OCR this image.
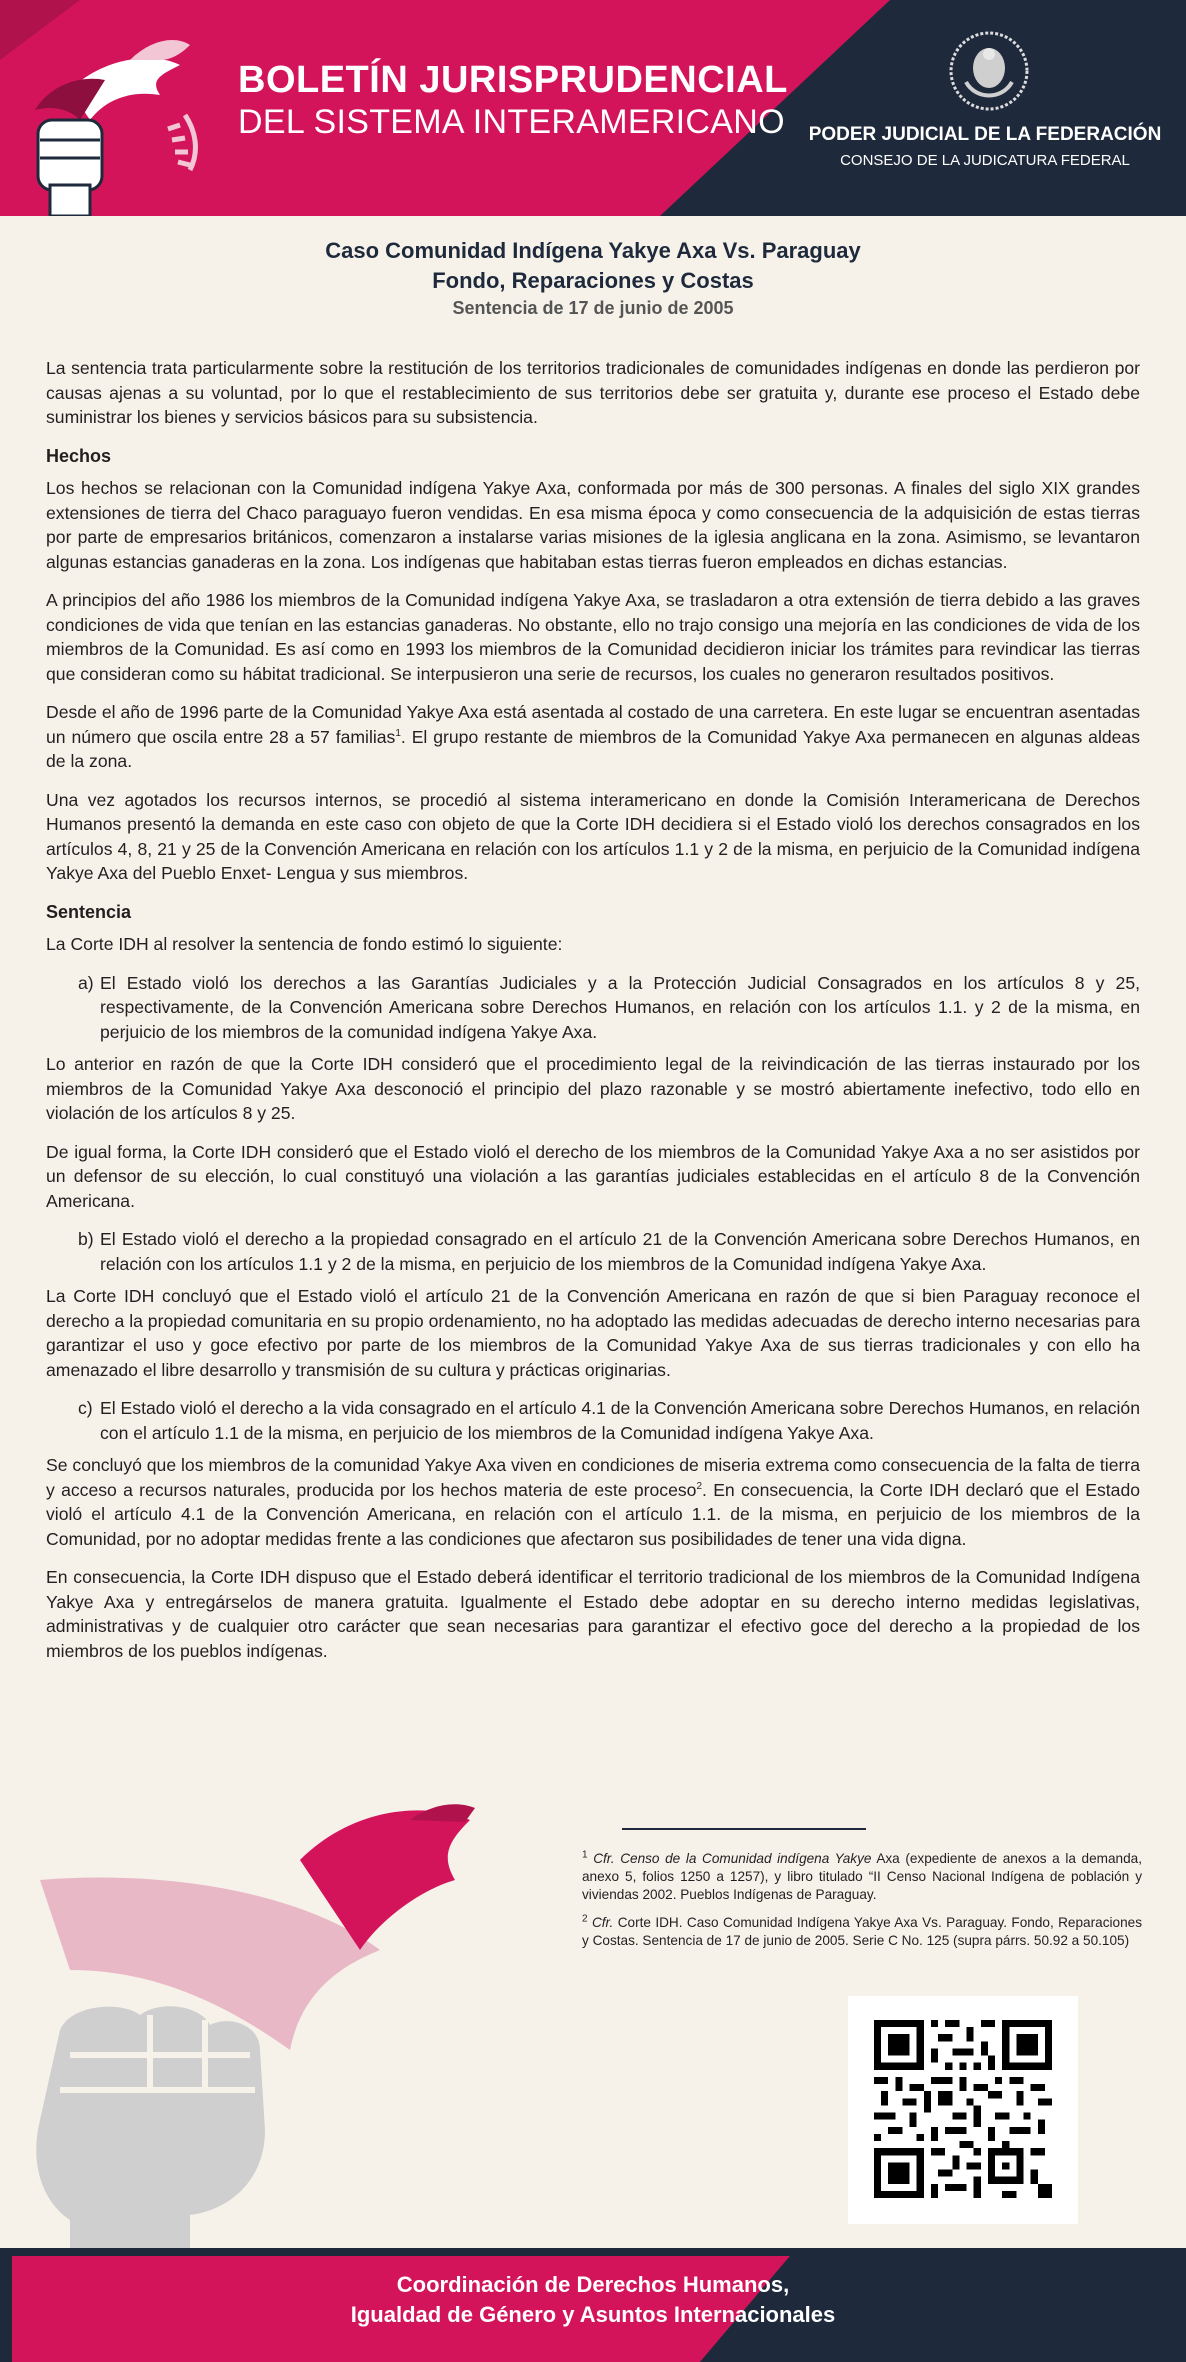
BOLETÍN JURISPRUDENCIAL
DEL SISTEMA INTERAMERICANO	PODER JUDICIAL DE LA FEDERACIÓN
CONSEJO DE LA JUDICATURA FEDERAL
Caso Comunidad Indígena Yakye Axa Vs. Paraguay
Fondo, Reparaciones y Costas
Sentencia de 17 de junio de 2005

La sentencia trata particularmente sobre la restitución de los territorios tradicionales de comunidades indígenas en donde las perdieron por causas ajenas a su voluntad, por lo que el restablecimiento de sus territorios debe ser gratuita y, durante ese proceso el Estado debe suministrar los bienes y servicios básicos para su subsistencia.

Hechos

Los hechos se relacionan con la Comunidad indígena Yakye Axa, conformada por más de 300 personas. A finales del siglo XIX grandes extensiones de tierra del Chaco paraguayo fueron vendidas. En esa misma época y como consecuencia de la adquisición de estas tierras por parte de empresarios británicos, comenzaron a instalarse varias misiones de la iglesia anglicana en la zona. Asimismo, se levantaron algunas estancias ganaderas en la zona. Los indígenas que habitaban estas tierras fueron empleados en dichas estancias.

A principios del año 1986 los miembros de la Comunidad indígena Yakye Axa, se trasladaron a otra extensión de tierra debido a las graves condiciones de vida que tenían en las estancias ganaderas. No obstante, ello no trajo consigo una mejoría en las condiciones de vida de los miembros de la Comunidad. Es así como en 1993 los miembros de la Comunidad decidieron iniciar los trámites para revindicar las tierras que consideran como su hábitat tradicional. Se interpusieron una serie de recursos, los cuales no generaron resultados positivos.

Desde el año de 1996 parte de la Comunidad Yakye Axa está asentada al costado de una carretera. En este lugar se encuentran asentadas un número que oscila entre 28 a 57 familias$^1$. El grupo restante de miembros de la Comunidad Yakye Axa permanecen en algunas aldeas de la zona.

Una vez agotados los recursos internos, se procedió al sistema interamericano en donde la Comisión Interamericana de Derechos Humanos presentó la demanda en este caso con objeto de que la Corte IDH decidiera si el Estado violó los derechos consagrados en los artículos 4, 8, 21 y 25 de la Convención Americana en relación con los artículos 1.1 y 2 de la misma, en perjuicio de la Comunidad indígena Yakye Axa del Pueblo Enxet- Lengua y sus miembros.

Sentencia

La Corte IDH al resolver la sentencia de fondo estimó lo siguiente:

a) El Estado violó los derechos a las Garantías Judiciales y a la Protección Judicial Consagrados en los artículos 8 y 25, respectivamente, de la Convención Americana sobre Derechos Humanos, en relación con los artículos 1.1. y 2 de la misma, en perjuicio de los miembros de la comunidad indígena Yakye Axa.

Lo anterior en razón de que la Corte IDH consideró que el procedimiento legal de la reivindicación de las tierras instaurado por los miembros de la Comunidad Yakye Axa desconoció el principio del plazo razonable y se mostró abiertamente inefectivo, todo ello en violación de los artículos 8 y 25.

De igual forma, la Corte IDH consideró que el Estado violó el derecho de los miembros de la Comunidad Yakye Axa a no ser asistidos por un defensor de su elección, lo cual constituyó una violación a las garantías judiciales establecidas en el artículo 8 de la Convención Americana.

b) El Estado violó el derecho a la propiedad consagrado en el artículo 21 de la Convención Americana sobre Derechos Humanos, en relación con los artículos 1.1 y 2 de la misma, en perjuicio de los miembros de la Comunidad indígena Yakye Axa.

La Corte IDH concluyó que el Estado violó el artículo 21 de la Convención Americana en razón de que si bien Paraguay reconoce el derecho a la propiedad comunitaria en su propio ordenamiento, no ha adoptado las medidas adecuadas de derecho interno necesarias para garantizar el uso y goce efectivo por parte de los miembros de la Comunidad Yakye Axa de sus tierras tradicionales y con ello ha amenazado el libre desarrollo y transmisión de su cultura y prácticas originarias.

c) El Estado violó el derecho a la vida consagrado en el artículo 4.1 de la Convención Americana sobre Derechos Humanos, en relación con el artículo 1.1 de la misma, en perjuicio de los miembros de la Comunidad indígena Yakye Axa.

Se concluyó que los miembros de la comunidad Yakye Axa viven en condiciones de miseria extrema como consecuencia de la falta de tierra y acceso a recursos naturales, producida por los hechos materia de este proceso$^2$. En consecuencia, la Corte IDH declaró que el Estado violó el artículo 4.1 de la Convención Americana, en relación con el artículo 1.1. de la misma, en perjuicio de los miembros de la Comunidad, por no adoptar medidas frente a las condiciones que afectaron sus posibilidades de tener una vida digna.

En consecuencia, la Corte IDH dispuso que el Estado deberá identificar el territorio tradicional de los miembros de la Comunidad Indígena Yakye Axa y entregárselos de manera gratuita. Igualmente el Estado debe adoptar en su derecho interno medidas legislativas, administrativas y de cualquier otro carácter que sean necesarias para garantizar el efectivo goce del derecho a la propiedad de los miembros de los pueblos indígenas.

$^1$ Cfr. Censo de la Comunidad indígena Yakye Axa (expediente de anexos a la demanda, anexo 5, folios 1250 a 1257), y libro titulado “II Censo Nacional Indígena de población y viviendas 2002. Pueblos Indígenas de Paraguay.

$^2$ Cfr. Corte IDH. Caso Comunidad Indígena Yakye Axa Vs. Paraguay. Fondo, Reparaciones y Costas. Sentencia de 17 de junio de 2005. Serie C No. 125 (supra párrs. 50.92 a 50.105)

Coordinación de Derechos Humanos,
Igualdad de Género y Asuntos Internacionales
